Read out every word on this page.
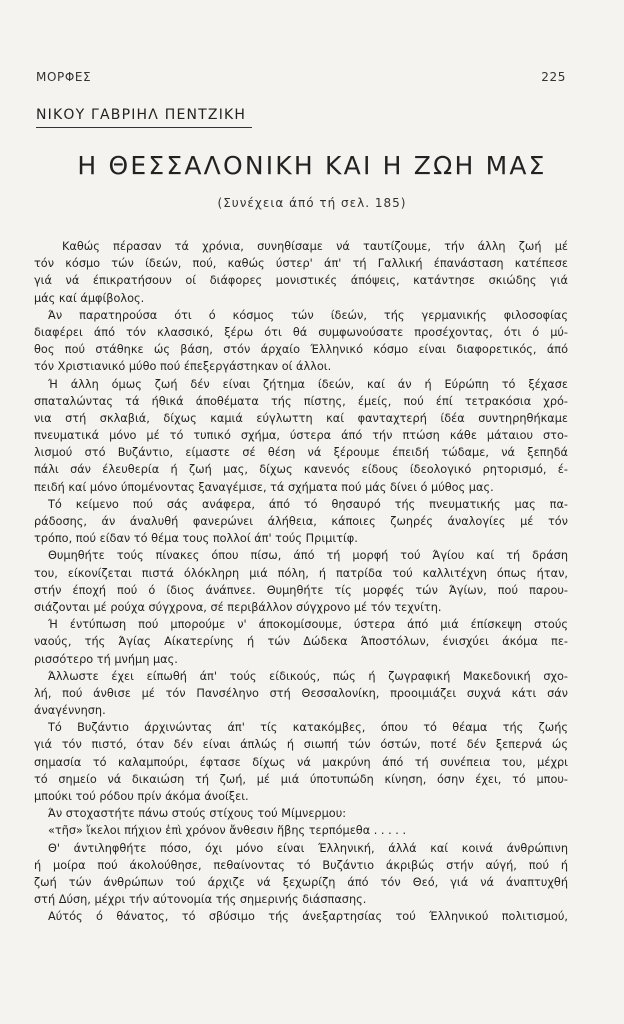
ΜΟΡΦΕΣ	225
ΝΙΚΟΥ ΓΑΒΡΙΗΛ ΠΕΝΤΖΙΚΗ
Η ΘΕΣΣΑΛΟΝΙΚΗ ΚΑΙ Η ΖΩΗ ΜΑΣ
(Συνέχεια άπό τή σελ. 185)
Καθώς πέρασαν τά χρόνια, συνηθίσαμε νά ταυτίζουμε, τήν άλλη ζωή μέ
τόν κόσμο τών ίδεών, πού, καθώς ύστερ' άπ' τή Γαλλική έπανάσταση κατέπεσε
γιά νά έπικρατήσουν οί διάφορες μονιστικές άπόψεις, κατάντησε σκιώδης γιά
μάς καί άμφίβολος.
Άν παρατηρούσα ότι ό κόσμος τών ίδεών, τής γερμανικής φιλοσοφίας
διαφέρει άπό τόν κλασσικό, ξέρω ότι θά συμφωνούσατε προσέχοντας, ότι ό μύ-
θος πού στάθηκε ώς βάση, στόν άρχαίο Έλληνικό κόσμο είναι διαφορετικός, άπό
τόν Χριστιανικό μύθο πού έπεξεργάστηκαν οί άλλοι.
Ή άλλη όμως ζωή δέν είναι ζήτημα ίδεών, καί άν ή Εύρώπη τό ξέχασε
σπαταλώντας τά ήθικά άποθέματα τής πίστης, έμείς, πού έπί τετρακόσια χρό-
νια στή σκλαβιά, δίχως καμιά εύγλωττη καί φανταχτερή ίδέα συντηρηθήκαμε
πνευματικά μόνο μέ τό τυπικό σχήμα, ύστερα άπό τήν πτώση κάθε μάταιου στο-
λισμού στό Βυζάντιο, είμαστε σέ θέση νά ξέρουμε έπειδή τώδαμε, νά ξεπηδά
πάλι σάν έλευθερία ή ζωή μας, δίχως κανενός είδους ίδεολογικό ρητορισμό, έ-
πειδή καί μόνο ύπομένοντας ξαναγέμισε, τά σχήματα πού μάς δίνει ό μύθος μας.
Τό κείμενο πού σάς ανάφερα, άπό τό θησαυρό τής πνευματικής μας πα-
ράδοσης, άν άναλυθή φανερώνει άλήθεια, κάποιες ζωηρές άναλογίες μέ τόν
τρόπο, πού είδαν τό θέμα τους πολλοί άπ' τούς Πριμιτίφ.
Θυμηθήτε τούς πίνακες όπου πίσω, άπό τή μορφή τού Άγίου καί τή δράση
του, είκονίζεται πιστά όλόκληρη μιά πόλη, ή πατρίδα τού καλλιτέχνη όπως ήταν,
στήν έποχή πού ό ίδιος άνάπνεε. Θυμηθήτε τίς μορφές τών Άγίων, πού παρου-
σιάζονται μέ ρούχα σύγχρονα, σέ περιβάλλον σύγχρονο μέ τόν τεχνίτη.
Ή έντύπωση πού μπορούμε ν' άποκομίσουμε, ύστερα άπό μιά έπίσκεψη στούς
ναούς, τής Άγίας Αίκατερίνης ή τών Δώδεκα Άποστόλων, ένισχύει άκόμα πε-
ρισσότερο τή μνήμη μας.
Άλλωστε έχει είπωθή άπ' τούς είδικούς, πώς ή ζωγραφική Μακεδονική σχο-
λή, πού άνθισε μέ τόν Πανσέληνο στή Θεσσαλονίκη, προοιμιάζει συχνά κάτι σάν
άναγέννηση.
Τό Βυζάντιο άρχινώντας άπ' τίς κατακόμβες, όπου τό θέαμα τής ζωής
γιά τόν πιστό, όταν δέν είναι άπλώς ή σιωπή τών όστών, ποτέ δέν ξεπερνά ώς
σημασία τό καλαμπούρι, έφτασε δίχως νά μακρύνη άπό τή συνέπεια του, μέχρι
τό σημείο νά δικαιώση τή ζωή, μέ μιά ύποτυπώδη κίνηση, όσην έχει, τό μπου-
μπούκι τού ρόδου πρίν άκόμα άνοίξει.
Άν στοχαστήτε πάνω στούς στίχους τού Μίμνερμου:
«τῆσ» ἴκελοι πήχιον ἐπὶ χρόνον ἄνθεσιν ἥβης τερπόμεθα . . . . .
Θ' άντιληφθήτε πόσο, όχι μόνο είναι Έλληνική, άλλά καί κοινά άνθρώπινη
ή μοίρα πού άκολούθησε, πεθαίνοντας τό Βυζάντιο άκριβώς στήν αύγή, πού ή
ζωή τών άνθρώπων τού άρχιζε νά ξεχωρίζη άπό τόν Θεό, γιά νά άναπτυχθή
στή Δύση, μέχρι τήν αύτονομία τής σημερινής διάσπασης.
Αύτός ό θάνατος, τό σβύσιμο τής άνεξαρτησίας τού Έλληνικού πολιτισμού,
